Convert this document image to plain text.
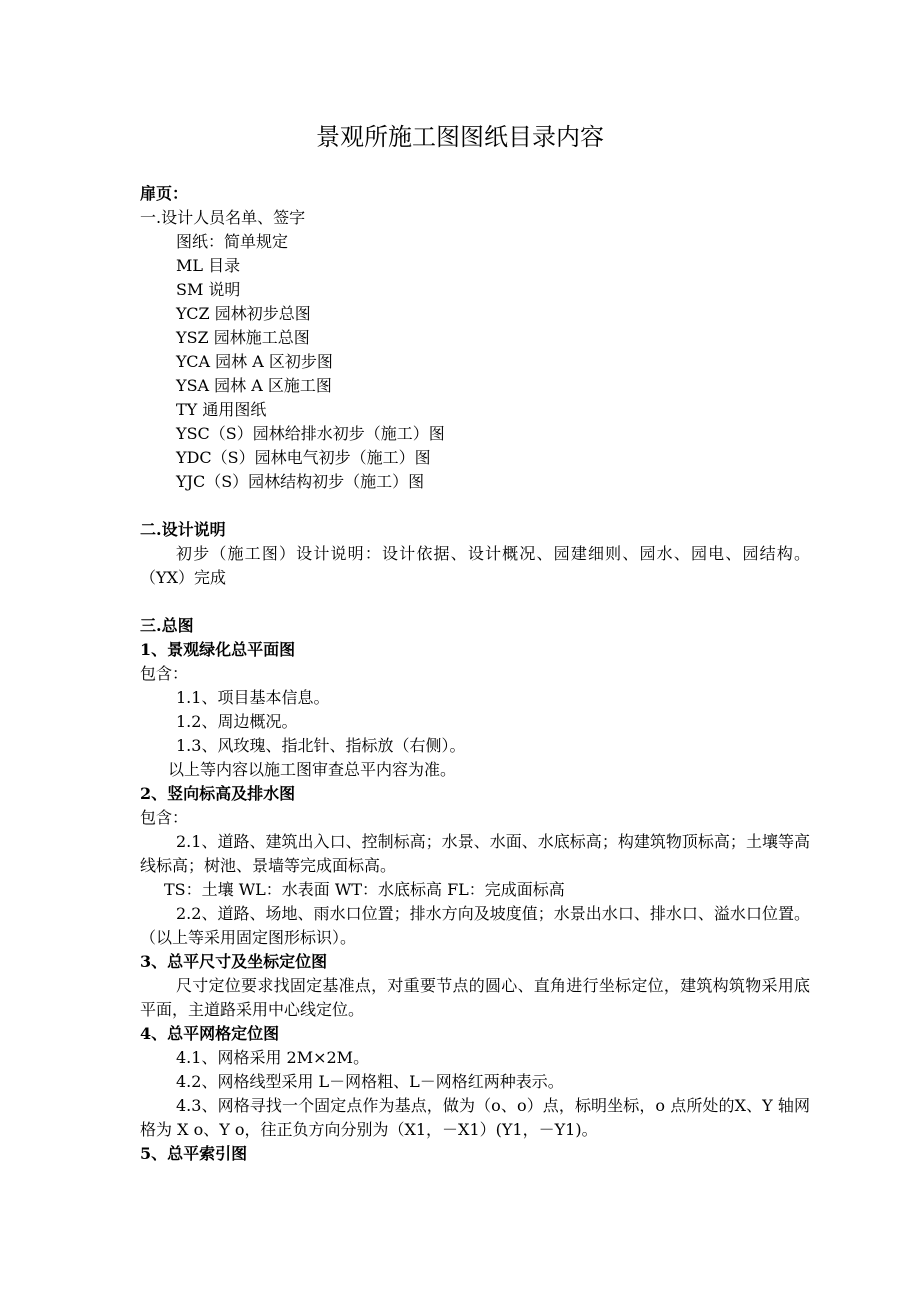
景观所施工图图纸目录内容
扉页：
一.设计人员名单、签字
图纸：简单规定
ML 目录
SM 说明
YCZ 园林初步总图
YSZ 园林施工总图
YCA 园林 A 区初步图
YSA 园林 A 区施工图
TY 通用图纸
YSC（S）园林给排水初步（施工）图
YDC（S）园林电气初步（施工）图
YJC（S）园林结构初步（施工）图
二.设计说明
初步（施工图）设计说明：设计依据、设计概况、园建细则、园水、园电、园结构。 （YX）完成
三.总图
1、景观绿化总平面图
包含：
1.1、项目基本信息。
1.2、周边概况。
1.3、风玫瑰、指北针、指标放（右侧）。
以上等内容以施工图审查总平内容为准。
2、竖向标高及排水图
包含：
2.1、道路、建筑出入口、控制标高；水景、水面、水底标高；构建筑物顶标高；土壤等高线标高；树池、景墙等完成面标高。
TS：土壤 WL：水表面 WT：水底标高 FL：完成面标高
2.2、道路、场地、雨水口位置；排水方向及坡度值；水景出水口、排水口、溢水口位置。（以上等采用固定图形标识）。
3、总平尺寸及坐标定位图
尺寸定位要求找固定基准点，对重要节点的圆心、直角进行坐标定位，建筑构筑物采用底平面，主道路采用中心线定位。
4、总平网格定位图
4.1、网格采用 2M×2M。
4.2、网格线型采用 L－网格粗、L－网格红两种表示。
4.3、网格寻找一个固定点作为基点，做为（o、o）点，标明坐标，o 点所处的X、Y 轴网格为 X o、Y o，往正负方向分别为（X1，－X1）(Y1，－Y1)。
5、总平索引图
